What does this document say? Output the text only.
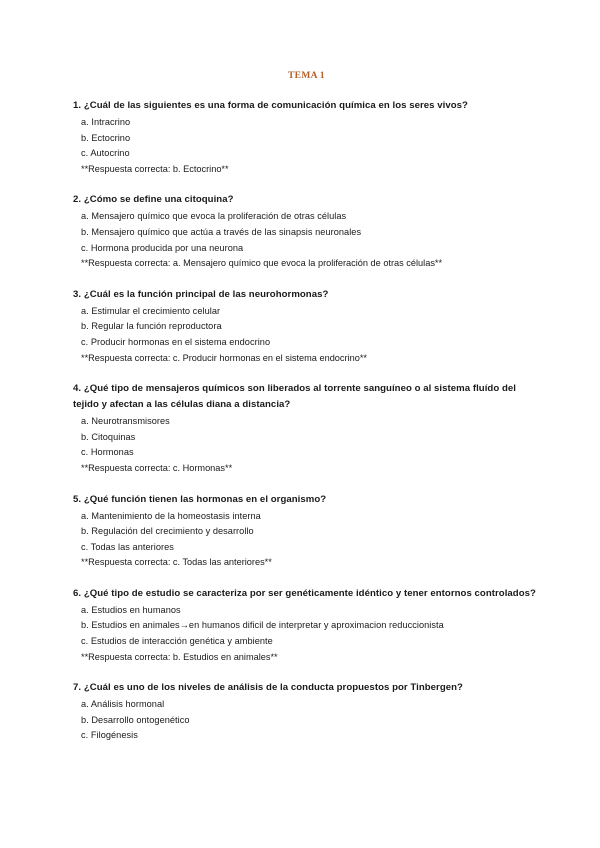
TEMA 1
1. ¿Cuál de las siguientes es una forma de comunicación química en los seres vivos?
a. Intracrino
b. Ectocrino
c. Autocrino
**Respuesta correcta: b. Ectocrino**
2. ¿Cómo se define una citoquina?
a. Mensajero químico que evoca la proliferación de otras células
b. Mensajero químico que actúa a través de las sinapsis neuronales
c. Hormona producida por una neurona
**Respuesta correcta: a. Mensajero químico que evoca la proliferación de otras células**
3. ¿Cuál es la función principal de las neurohormonas?
a. Estimular el crecimiento celular
b. Regular la función reproductora
c. Producir hormonas en el sistema endocrino
**Respuesta correcta: c. Producir hormonas en el sistema endocrino**
4. ¿Qué tipo de mensajeros químicos son liberados al torrente sanguíneo o al sistema fluído del tejido y afectan a las células diana a distancia?
a. Neurotransmisores
b. Citoquinas
c. Hormonas
**Respuesta correcta: c. Hormonas**
5. ¿Qué función tienen las hormonas en el organismo?
a. Mantenimiento de la homeostasis interna
b. Regulación del crecimiento y desarrollo
c. Todas las anteriores
**Respuesta correcta: c. Todas las anteriores**
6. ¿Qué tipo de estudio se caracteriza por ser genéticamente idéntico y tener entornos controlados?
a. Estudios en humanos
b. Estudios en animales→en humanos dificil de interpretar y aproximacion reduccionista
c. Estudios de interacción genética y ambiente
**Respuesta correcta: b. Estudios en animales**
7. ¿Cuál es uno de los niveles de análisis de la conducta propuestos por Tinbergen?
a. Análisis hormonal
b. Desarrollo ontogenético
c. Filogénesis
